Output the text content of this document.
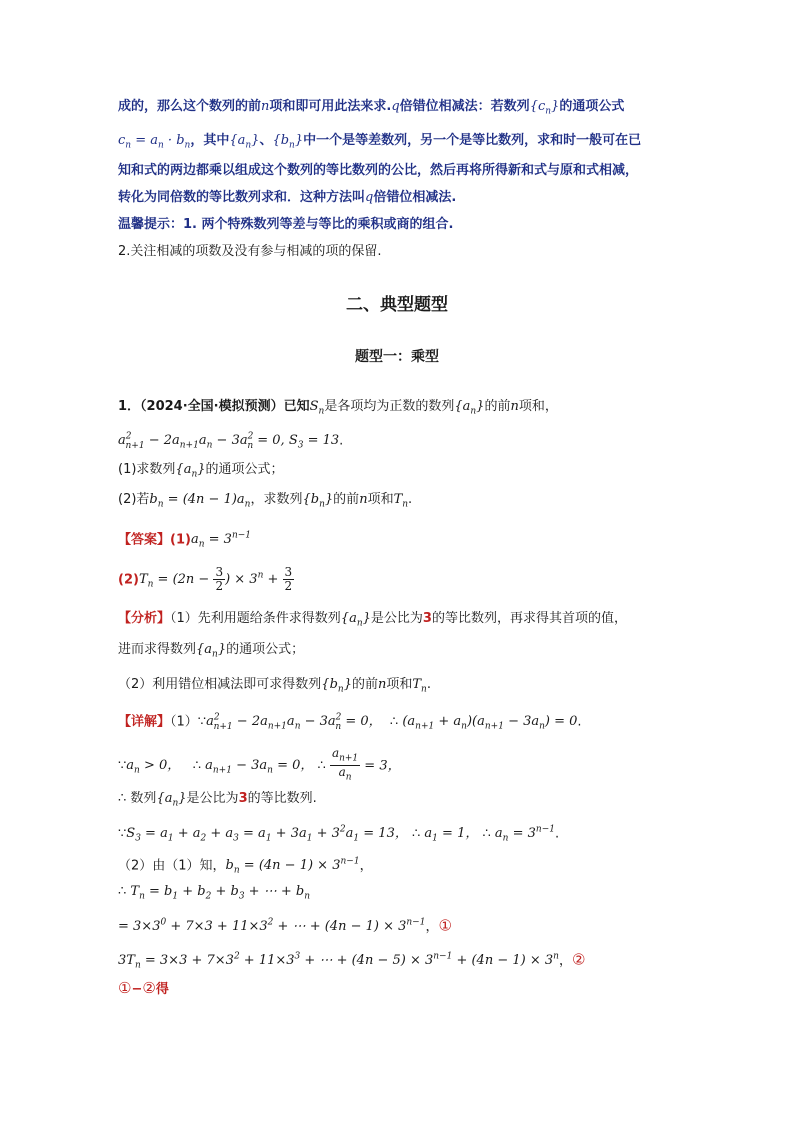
成的，那么这个数列的前n项和即可用此法来求.q倍错位相减法：若数列$\{c_n\}$的通项公式
$c_n = a_n \cdot b_n$，其中$\{a_n\}$、$\{b_n\}$中一个是等差数列，另一个是等比数列，求和时一般可在已
知和式的两边都乘以组成这个数列的等比数列的公比，然后再将所得新和式与原和式相减，
转化为同倍数的等比数列求和．这种方法叫q倍错位相减法.
温馨提示：1. 两个特殊数列等差与等比的乘积或商的组合.
2.关注相减的项数及没有参与相减的项的保留.
二、典型题型
题型一：乘型
1．（2024·全国·模拟预测）已知$S_n$是各项均为正数的数列$\{a_n\}$的前n项和，
$a^2_{n+1} - 2a_{n+1}a_n - 3a^2_n = 0$, $S_3 = 13$.
(1)求数列$\{a_n\}$的通项公式；
(2)若$b_n = (4n - 1)a_n$，求数列$\{b_n\}$的前n项和$T_n$.
【答案】$(1)a_n = 3^{n-1}$
$(2)T_n = (2n - \frac{3}{2}$ ) × $3^n + \frac{3}{2}$
【分析】（1）先利用题给条件求得数列$\{a_n\}$是公比为3的等比数列，再求得其首项的值，
进而求得数列$\{a_n\}$的通项公式；
（2）利用错位相减法即可求得数列$\{b_n\}$的前n项和$T_n$.
【详解】$(1)\because a^2_{n+1} - 2a_{n+1}a_n - 3a^2_n = 0$， ∴ $(a_{n+1} + a_n)(a_{n+1} - 3a_n) = 0$.
$\because a_n > 0$， ∴ $a_{n+1} - 3a_n = 0$， ∴ $\frac{a_{n+1}}{a_n} = 3$，
∴ 数列$\{a_n\}$是公比为3的等比数列.
$\because S_3 = a_1 + a_2 + a_3 = a_1 + 3a_1 + 3^2a_1 = 13$， ∴ $a_1 = 1$， ∴ $a_n = 3^{n-1}$.
（2）由（1）知，$b_n = (4n - 1) \times 3^{n-1}$，
∴ $T_n = b_1 + b_2 + b_3$ + ⋯ + $b_n$
= $3\times 3^0 + 7\times 3 + 11\times 3^2$ + ⋯ + $(4n - 1) \times 3^{n-1}$，①
$3T_n = 3\times 3 + 7\times 3^2 + 11\times 3^3$ + ⋯ + $(4n - 5) \times 3^{n-1} + (4n - 1) \times 3^n$，②
①−②得
